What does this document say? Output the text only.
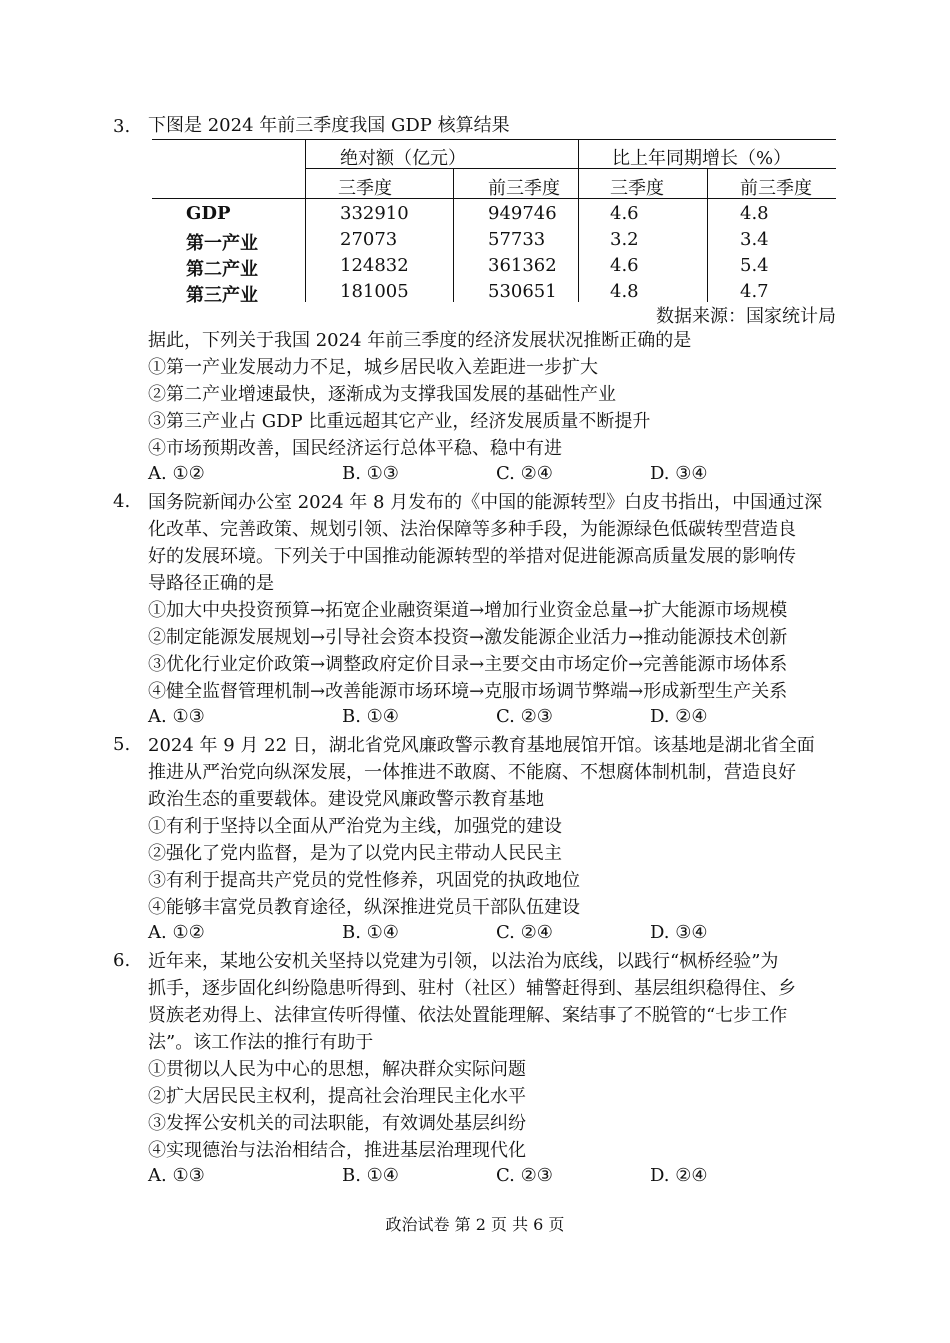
3. 下图是 2024 年前三季度我国 GDP 核算结果
绝对额（亿元）	比上年同期增长（%）
三季度	前三季度	三季度	前三季度
GDP	332910	949746	4.6	4.8
第一产业	27073	57733	3.2	3.4
第二产业	124832	361362	4.6	5.4
第三产业	181005	530651	4.8	4.7
数据来源：国家统计局
据此，下列关于我国 2024 年前三季度的经济发展状况推断正确的是
①第一产业发展动力不足，城乡居民收入差距进一步扩大
②第二产业增速最快，逐渐成为支撑我国发展的基础性产业
③第三产业占 GDP 比重远超其它产业，经济发展质量不断提升
④市场预期改善，国民经济运行总体平稳、稳中有进
A. ①②	B. ①③	C. ②④	D. ③④
4. 国务院新闻办公室 2024 年 8 月发布的《中国的能源转型》白皮书指出，中国通过深
化改革、完善政策、规划引领、法治保障等多种手段，为能源绿色低碳转型营造良
好的发展环境。下列关于中国推动能源转型的举措对促进能源高质量发展的影响传
导路径正确的是
①加大中央投资预算→拓宽企业融资渠道→增加行业资金总量→扩大能源市场规模
②制定能源发展规划→引导社会资本投资→激发能源企业活力→推动能源技术创新
③优化行业定价政策→调整政府定价目录→主要交由市场定价→完善能源市场体系
④健全监督管理机制→改善能源市场环境→克服市场调节弊端→形成新型生产关系
A. ①③	B. ①④	C. ②③	D. ②④
5. 2024 年 9 月 22 日，湖北省党风廉政警示教育基地展馆开馆。该基地是湖北省全面
推进从严治党向纵深发展，一体推进不敢腐、不能腐、不想腐体制机制，营造良好
政治生态的重要载体。建设党风廉政警示教育基地
①有利于坚持以全面从严治党为主线，加强党的建设
②强化了党内监督，是为了以党内民主带动人民民主
③有利于提高共产党员的党性修养，巩固党的执政地位
④能够丰富党员教育途径，纵深推进党员干部队伍建设
A. ①②	B. ①④	C. ②④	D. ③④
6. 近年来，某地公安机关坚持以党建为引领，以法治为底线，以践行“枫桥经验”为
抓手，逐步固化纠纷隐患听得到、驻村（社区）辅警赶得到、基层组织稳得住、乡
贤族老劝得上、法律宣传听得懂、依法处置能理解、案结事了不脱管的“七步工作
法”。该工作法的推行有助于
①贯彻以人民为中心的思想，解决群众实际问题
②扩大居民民主权利，提高社会治理民主化水平
③发挥公安机关的司法职能，有效调处基层纠纷
④实现德治与法治相结合，推进基层治理现代化
A. ①③	B. ①④	C. ②③	D. ②④
政治试卷 第 2 页 共 6 页
